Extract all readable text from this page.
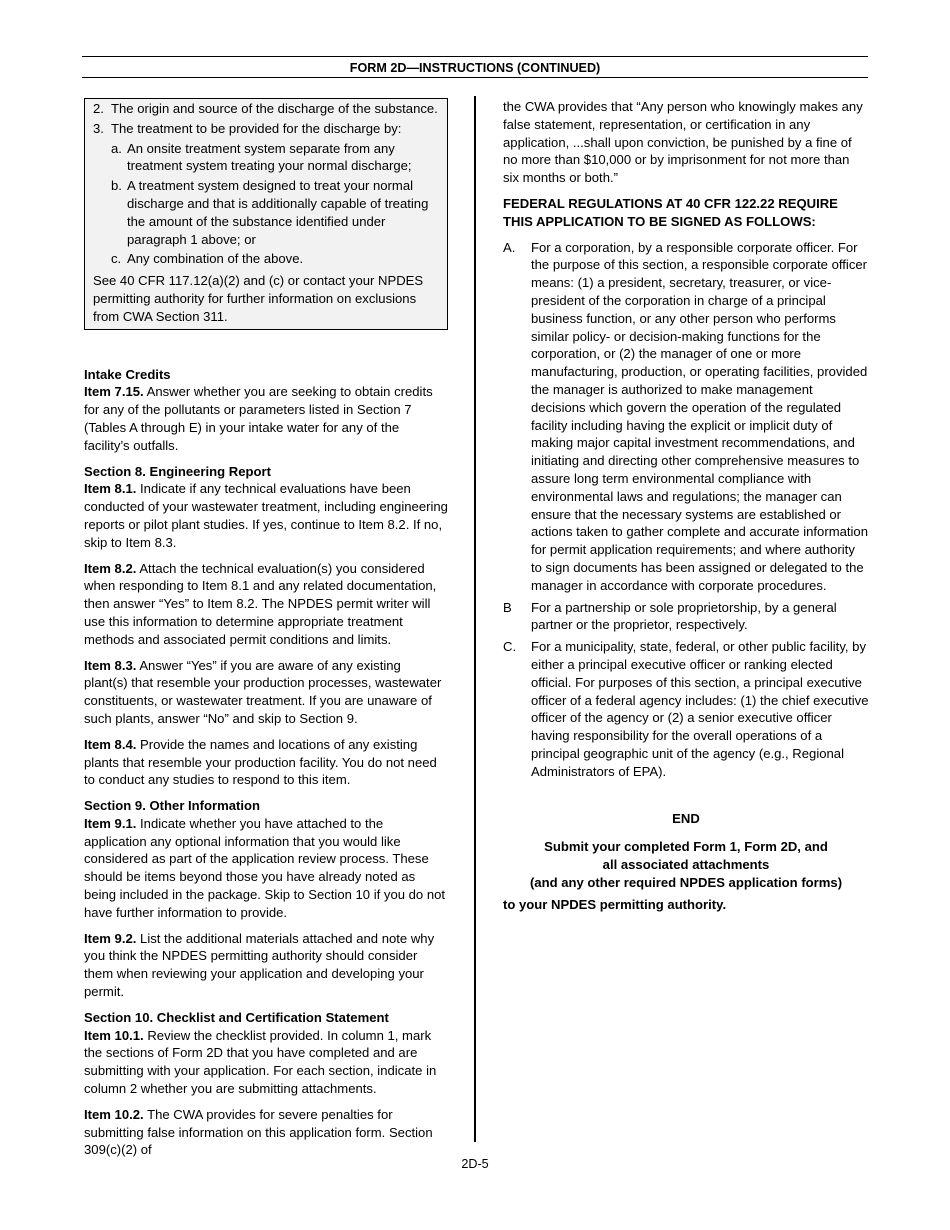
FORM 2D—INSTRUCTIONS (CONTINUED)

2. The origin and source of the discharge of the substance.

3. The treatment to be provided for the discharge by:

a. An onsite treatment system separate from any treatment system treating your normal discharge;

b. A treatment system designed to treat your normal discharge and that is additionally capable of treating the amount of the substance identified under paragraph 1 above; or

c. Any combination of the above.

See 40 CFR 117.12(a)(2) and (c) or contact your NPDES permitting authority for further information on exclusions from CWA Section 311.

Intake Credits

Item 7.15. Answer whether you are seeking to obtain credits for any of the pollutants or parameters listed in Section 7 (Tables A through E) in your intake water for any of the facility’s outfalls.

Section 8. Engineering Report

Item 8.1. Indicate if any technical evaluations have been conducted of your wastewater treatment, including engineering reports or pilot plant studies. If yes, continue to Item 8.2. If no, skip to Item 8.3.

Item 8.2. Attach the technical evaluation(s) you considered when responding to Item 8.1 and any related documentation, then answer “Yes” to Item 8.2. The NPDES permit writer will use this information to determine appropriate treatment methods and associated permit conditions and limits.

Item 8.3. Answer “Yes” if you are aware of any existing plant(s) that resemble your production processes, wastewater constituents, or wastewater treatment. If you are unaware of such plants, answer “No” and skip to Section 9.

Item 8.4. Provide the names and locations of any existing plants that resemble your production facility. You do not need to conduct any studies to respond to this item.

Section 9. Other Information

Item 9.1. Indicate whether you have attached to the application any optional information that you would like considered as part of the application review process. These should be items beyond those you have already noted as being included in the package. Skip to Section 10 if you do not have further information to provide.

Item 9.2. List the additional materials attached and note why you think the NPDES permitting authority should consider them when reviewing your application and developing your permit.

Section 10. Checklist and Certification Statement

Item 10.1. Review the checklist provided. In column 1, mark the sections of Form 2D that you have completed and are submitting with your application. For each section, indicate in column 2 whether you are submitting attachments.

Item 10.2. The CWA provides for severe penalties for submitting false information on this application form. Section 309(c)(2) of

the CWA provides that “Any person who knowingly makes any false statement, representation, or certification in any application, ...shall upon conviction, be punished by a fine of no more than $10,000 or by imprisonment for not more than six months or both.”

FEDERAL REGULATIONS AT 40 CFR 122.22 REQUIRE THIS APPLICATION TO BE SIGNED AS FOLLOWS:

A.	For a corporation, by a responsible corporate officer. For the purpose of this section, a responsible corporate officer means: (1) a president, secretary, treasurer, or vice-president of the corporation in charge of a principal business function, or any other person who performs similar policy- or decision-making functions for the corporation, or (2) the manager of one or more manufacturing, production, or operating facilities, provided the manager is authorized to make management decisions which govern the operation of the regulated facility including having the explicit or implicit duty of making major capital investment recommendations, and initiating and directing other comprehensive measures to assure long term environmental compliance with environmental laws and regulations; the manager can ensure that the necessary systems are established or actions taken to gather complete and accurate information for permit application requirements; and where authority to sign documents has been assigned or delegated to the manager in accordance with corporate procedures.
B	For a partnership or sole proprietorship, by a general partner or the proprietor, respectively.
C.	For a municipality, state, federal, or other public facility, by either a principal executive officer or ranking elected official. For purposes of this section, a principal executive officer of a federal agency includes: (1) the chief executive officer of the agency or (2) a senior executive officer having responsibility for the overall operations of a principal geographic unit of the agency (e.g., Regional Administrators of EPA).
END
Submit your completed Form 1, Form 2D, and
all associated attachments
(and any other required NPDES application forms)
to your NPDES permitting authority.
2D-5
